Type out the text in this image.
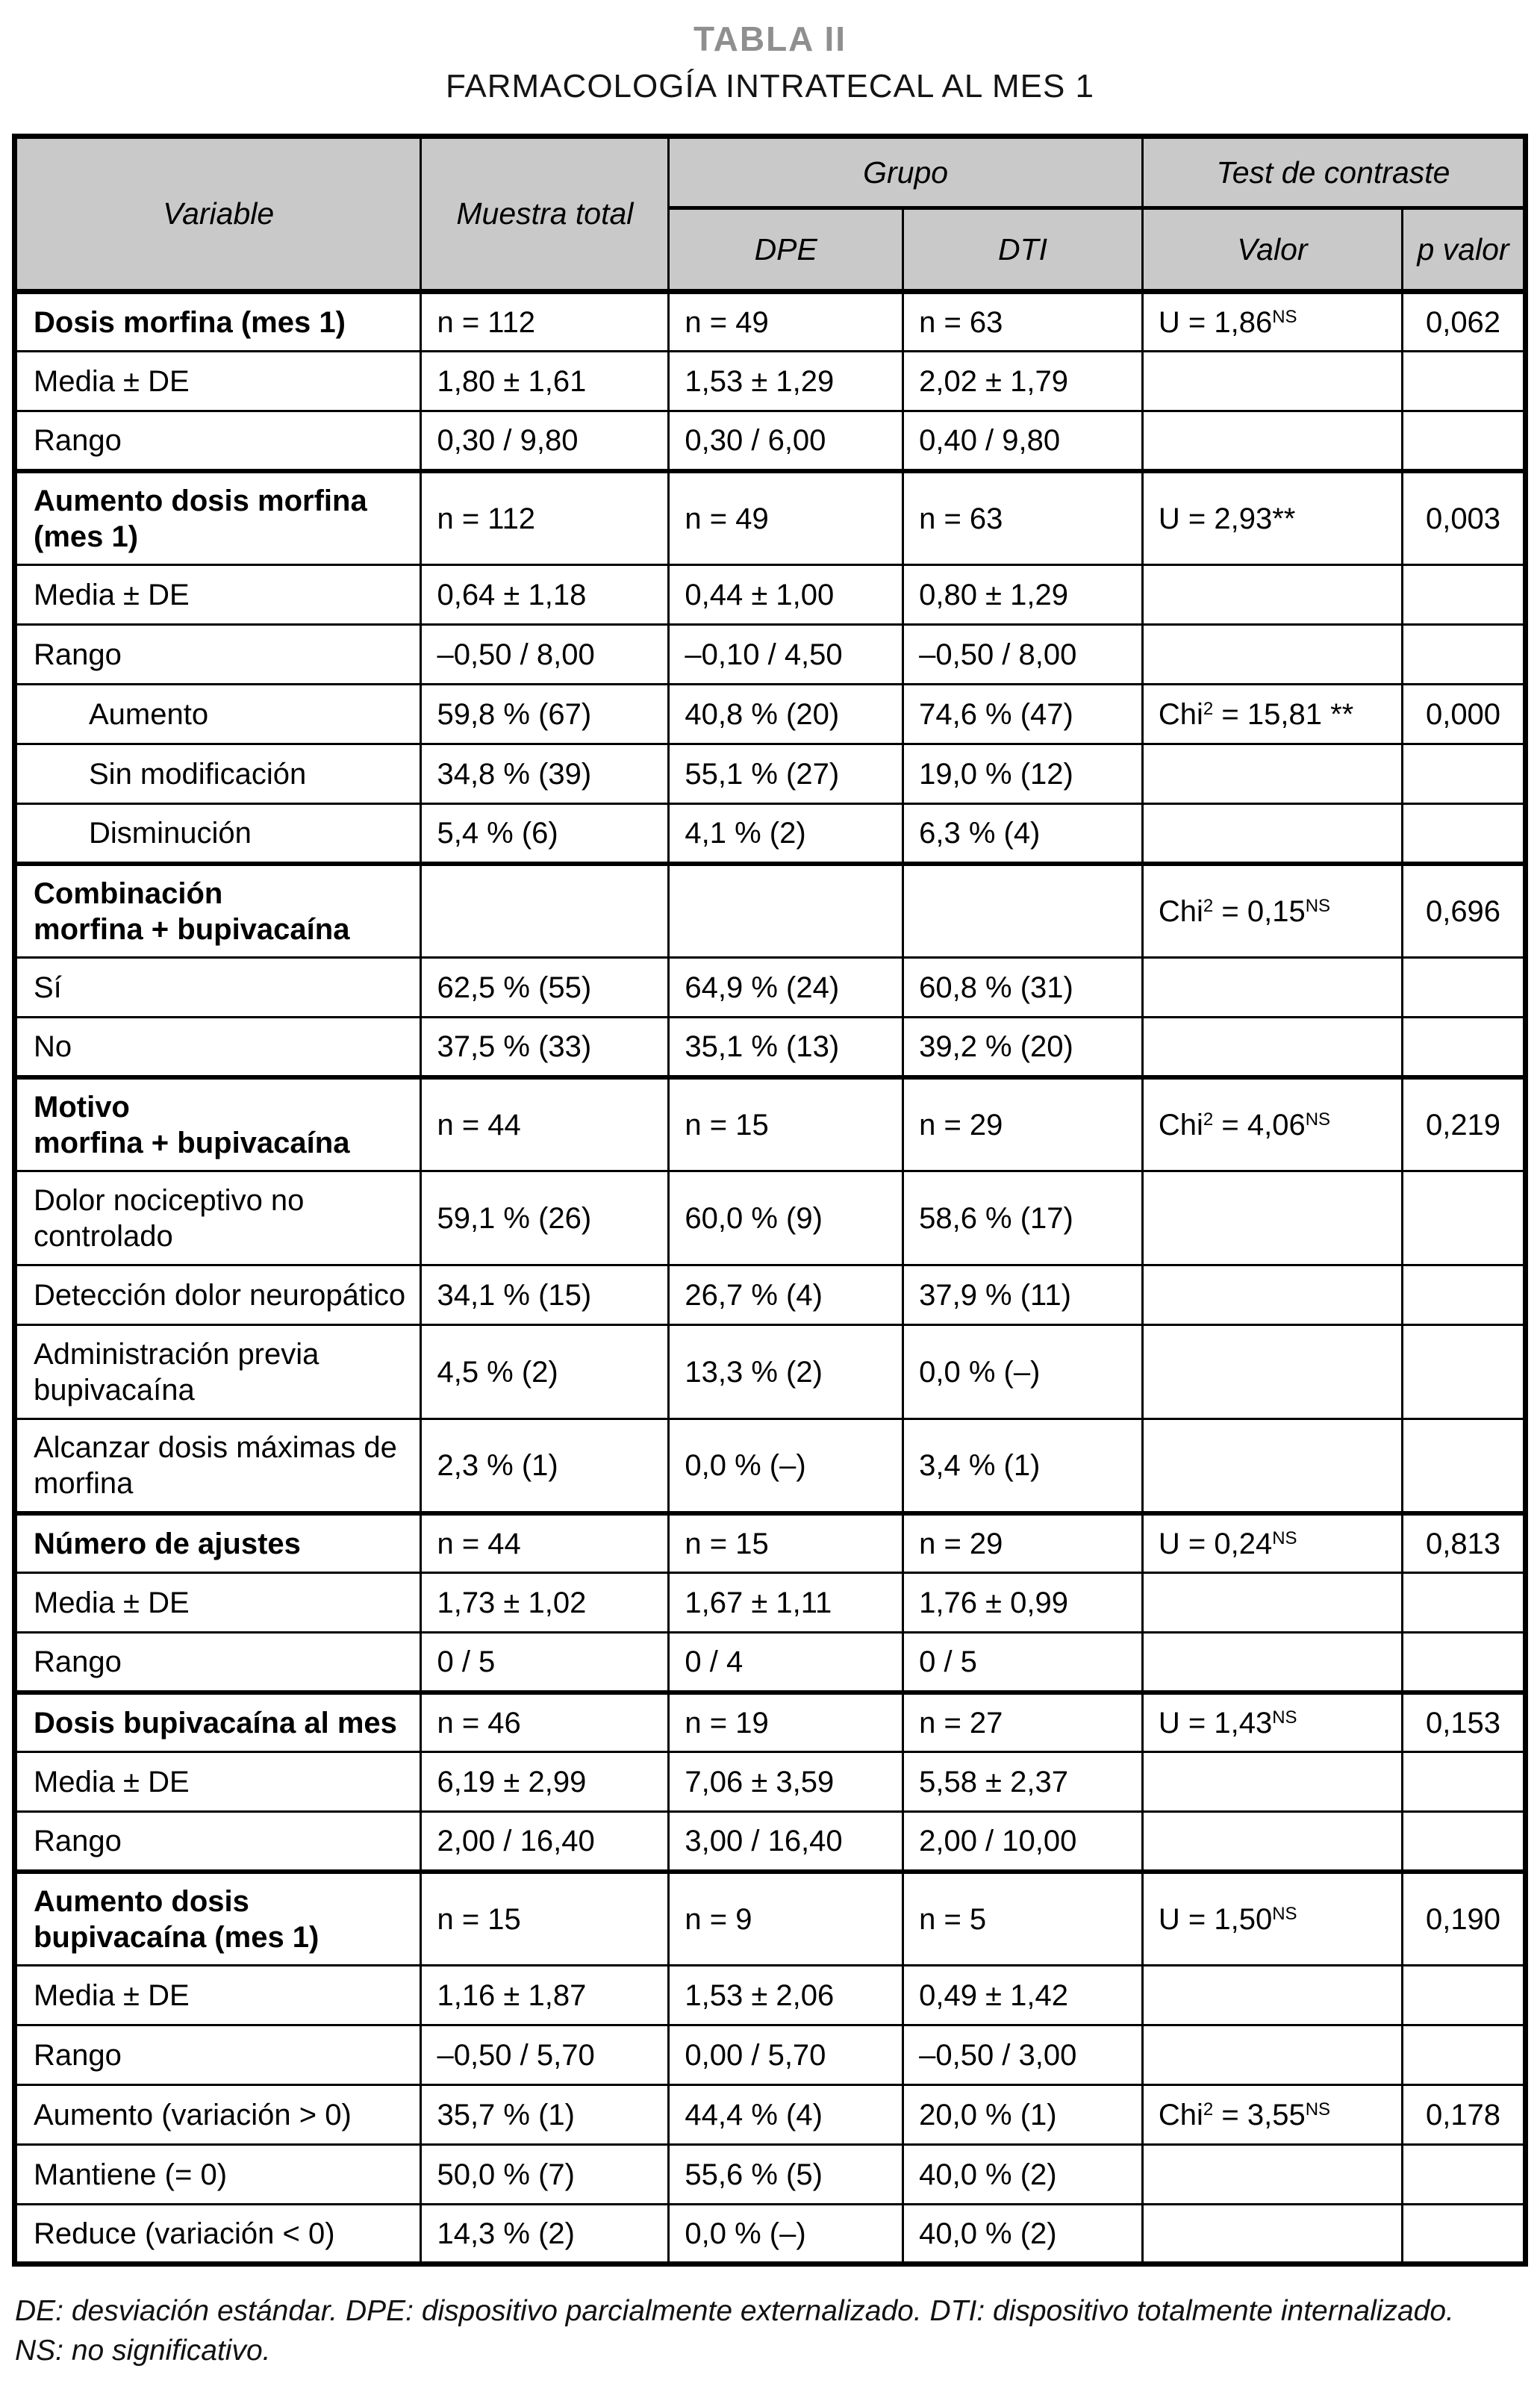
TABLA II
FARMACOLOGÍA INTRATECAL AL MES 1
Variable	Muestra total	Grupo		Test de contraste	
		DPE	DTI	Valor	p valor

Dosis morfina (mes 1)	n = 112	n = 49	n = 63	$U = 1,86^{NS}$	0,062

Media ± DE	1,80 ± 1,61	1,53 ± 1,29	2,02 ± 1,79		

Rango	0,30 / 9,80	0,30 / 6,00	0,40 / 9,80		

Aumento dosis morfina
(mes 1)	n = 112	n = 49	n = 63	U = 2,93**	0,003

Media ± DE	0,64 ± 1,18	0,44 ± 1,00	0,80 ± 1,29		

Rango	–0,50 / 8,00	–0,10 / 4,50	–0,50 / 8,00		

Aumento	59,8 % (67)	40,8 % (20)	74,6 % (47)	Chi$^2$ = 15,81 **	0,000

Sin modificación	34,8 % (39)	55,1 % (27)	19,0 % (12)		

Disminución	5,4 % (6)	4,1 % (2)	6,3 % (4)		

Combinación
morfina + bupivacaína				$Chi^2 = 0,15^{NS}$	0,696

Sí	62,5 % (55)	64,9 % (24)	60,8 % (31)		

No	37,5 % (33)	35,1 % (13)	39,2 % (20)		

Motivo
morfina + bupivacaína	n = 44	n = 15	n = 29	$Chi^2 = 4,06^{NS}$	0,219

Dolor nociceptivo no
controlado	59,1 % (26)	60,0 % (9)	58,6 % (17)		

Detección dolor neuropático	34,1 % (15)	26,7 % (4)	37,9 % (11)		

Administración previa
bupivacaína	4,5 % (2)	13,3 % (2)	0,0 % (–)		

Alcanzar dosis máximas de
morfina	2,3 % (1)	0,0 % (–)	3,4 % (1)		

Número de ajustes	n = 44	n = 15	n = 29	$U = 0,24^{NS}$	0,813

Media ± DE	1,73 ± 1,02	1,67 ± 1,11	1,76 ± 0,99		

Rango	0 / 5	0 / 4	0 / 5		

Dosis bupivacaína al mes	n = 46	n = 19	n = 27	$U = 1,43^{NS}$	0,153

Media ± DE	6,19 ± 2,99	7,06 ± 3,59	5,58 ± 2,37		

Rango	2,00 / 16,40	3,00 / 16,40	2,00 / 10,00		

Aumento dosis
bupivacaína (mes 1)	n = 15	n = 9	n = 5	$U = 1,50^{NS}$	0,190

Media ± DE	1,16 ± 1,87	1,53 ± 2,06	0,49 ± 1,42		

Rango	–0,50 / 5,70	0,00 / 5,70	–0,50 / 3,00		

Aumento (variación > 0)	35,7 % (1)	44,4 % (4)	20,0 % (1)	$Chi^2 = 3,55^{NS}$	0,178

Mantiene (= 0)	50,0 % (7)	55,6 % (5)	40,0 % (2)		

Reduce (variación < 0)	14,3 % (2)	0,0 % (–)	40,0 % (2)		
DE: desviación estándar. DPE: dispositivo parcialmente externalizado. DTI: dispositivo totalmente internalizado.
NS: no significativo.
